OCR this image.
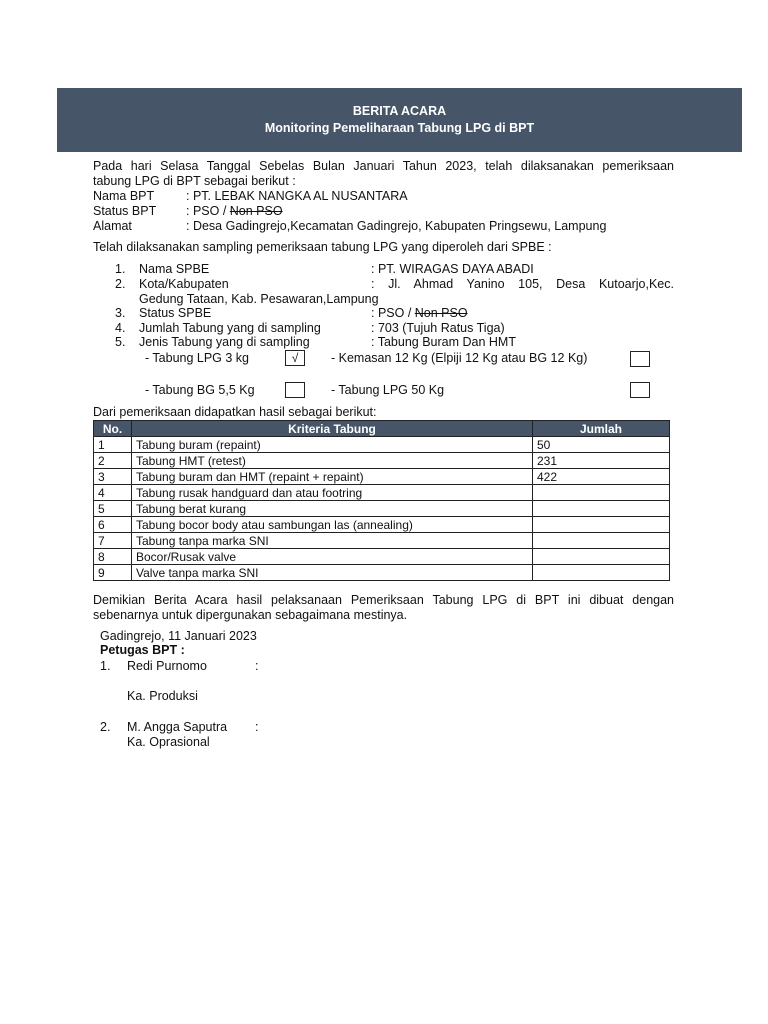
BERITA ACARA
Monitoring Pemeliharaan Tabung LPG di BPT
Pada hari Selasa Tanggal Sebelas Bulan Januari Tahun 2023, telah dilaksanakan pemeriksaan
tabung LPG di BPT sebagai berikut :
Nama BPT	: PT. LEBAK NANGKA AL NUSANTARA
Status BPT : PSO / Non PSO
Alamat	: Desa Gadingrejo,Kecamatan Gadingrejo, Kabupaten Pringsewu, Lampung
Telah dilaksanakan sampling pemeriksaan tabung LPG yang diperoleh dari SPBE :
1. Nama SPBE	: PT. WIRAGAS DAYA ABADI
2. Kota/Kabupaten	: Jl. Ahmad Yanino 105, Desa Kutoarjo,Kec.
Gedung Tataan, Kab. Pesawaran,Lampung
3. Status SPBE	: PSO / Non PSO
4. Jumlah Tabung yang di sampling	: 703 (Tujuh Ratus Tiga)
5. Jenis Tabung yang di sampling	: Tabung Buram Dan HMT
- Tabung LPG 3 kg	√	- Kemasan 12 Kg (Elpiji 12 Kg atau BG 12 Kg)
- Tabung BG 5,5 Kg	- Tabung LPG 50 Kg
Dari pemeriksaan didapatkan hasil sebagai berikut:
No.	Kriteria Tabung	Jumlah
1	Tabung buram (repaint)	50
2	Tabung HMT (retest)	231
3	Tabung buram dan HMT (repaint + repaint)	422
4	Tabung rusak handguard dan atau footring	
5	Tabung berat kurang	
6	Tabung bocor body atau sambungan las (annealing)	
7	Tabung tanpa marka SNI	
8	Bocor/Rusak valve	
9	Valve tanpa marka SNI	
Demikian Berita Acara hasil pelaksanaan Pemeriksaan Tabung LPG di BPT ini dibuat dengan
sebenarnya untuk dipergunakan sebagaimana mestinya.
Gadingrejo, 11 Januari 2023
Petugas BPT :
1. Redi Purnomo	:
Ka. Produksi
2. M. Angga Saputra :
Ka. Oprasional
